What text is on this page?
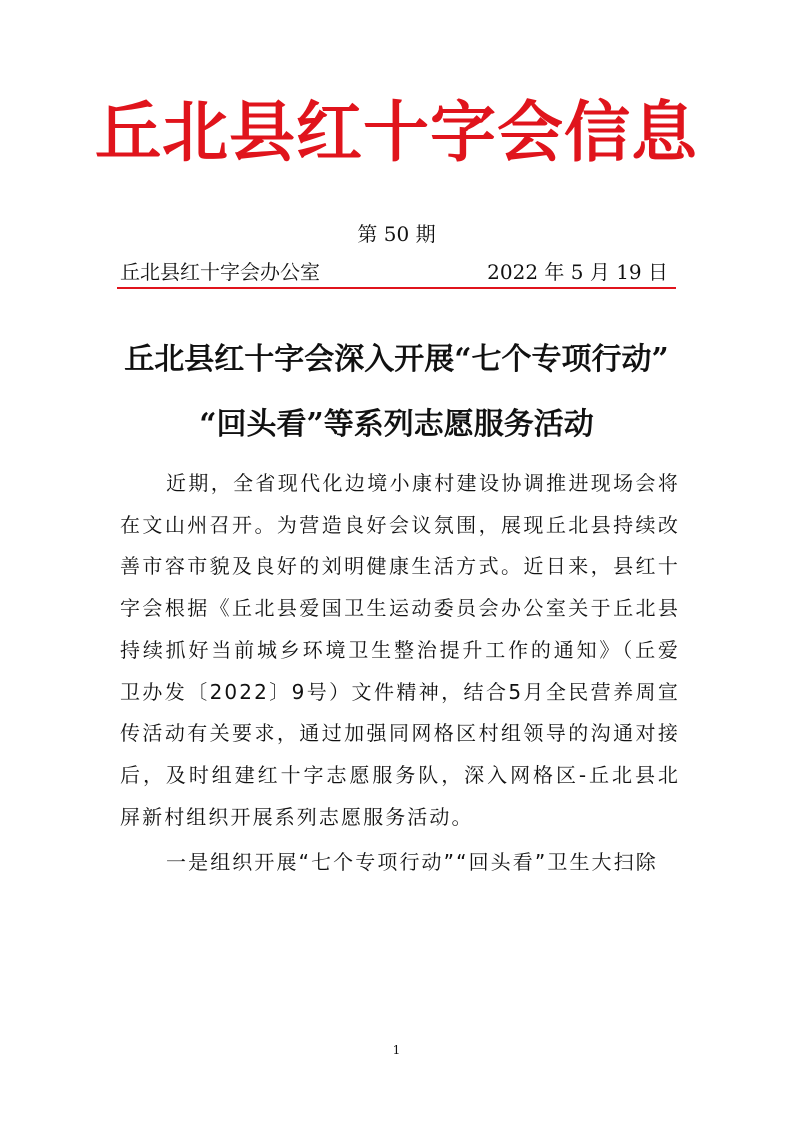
丘北县红十字会信息
第 50 期
丘北县红十字会办公室	2022 年 5 月 19 日
丘北县红十字会深入开展“七个专项行动”
“回头看”等系列志愿服务活动

近期，全省现代化边境小康村建设协调推进现场会将在文山州召开。为营造良好会议氛围，展现丘北县持续改善市容市貌及良好的刘明健康生活方式。近日来，县红十字会根据《丘北县爱国卫生运动委员会办公室关于丘北县持续抓好当前城乡环境卫生整治提升工作的通知》（丘爱卫办发〔2022〕9号）文件精神，结合5月全民营养周宣传活动有关要求，通过加强同网格区村组领导的沟通对接后，及时组建红十字志愿服务队，深入网格区-丘北县北屏新村组织开展系列志愿服务活动。

一是组织开展“七个专项行动”“回头看”卫生大扫除

1
